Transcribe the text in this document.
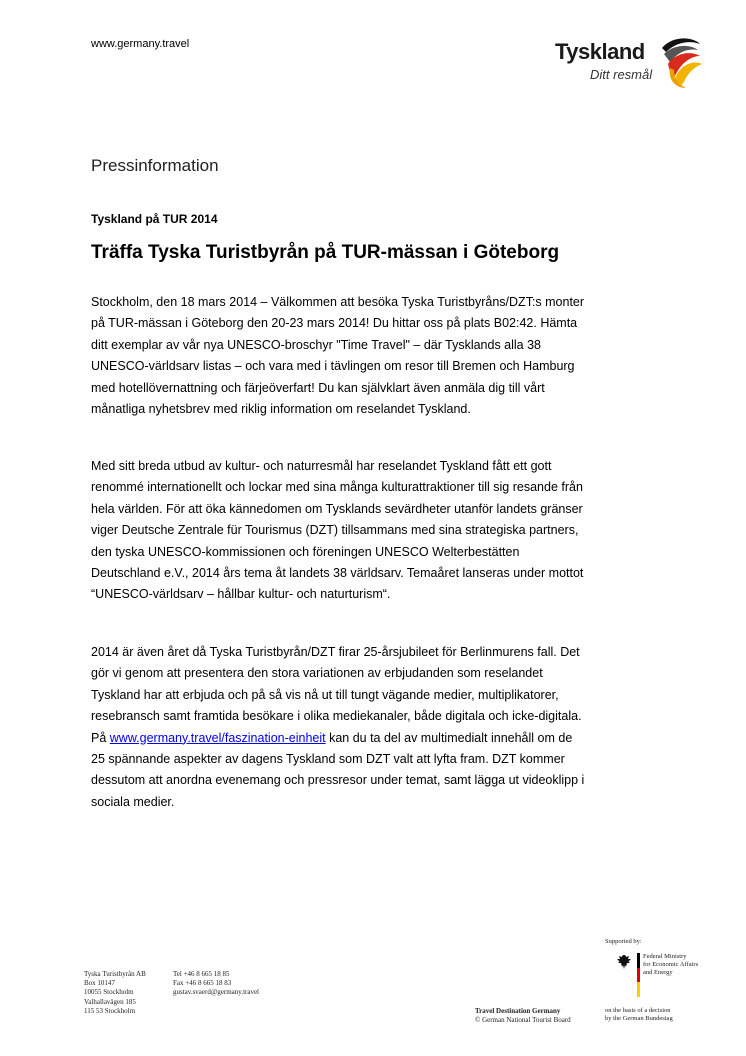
www.germany.travel	Tyskland
Ditt resmål
Pressinformation
Tyskland på TUR 2014
Träffa Tyska Turistbyrån på TUR-mässan i Göteborg

Stockholm, den 18 mars 2014 – Välkommen att besöka Tyska Turistbyråns/DZT:s monter
på TUR-mässan i Göteborg den 20-23 mars 2014! Du hittar oss på plats B02:42. Hämta
ditt exemplar av vår nya UNESCO-broschyr "Time Travel" – där Tysklands alla 38
UNESCO-världsarv listas – och vara med i tävlingen om resor till Bremen och Hamburg
med hotellövernattning och färjeöverfart! Du kan självklart även anmäla dig till vårt
månatliga nyhetsbrev med riklig information om reselandet Tyskland.

Med sitt breda utbud av kultur- och naturresmål har reselandet Tyskland fått ett gott
renommé internationellt och lockar med sina många kulturattraktioner till sig resande från
hela världen. För att öka kännedomen om Tysklands sevärdheter utanför landets gränser
viger Deutsche Zentrale für Tourismus (DZT) tillsammans med sina strategiska partners,
den tyska UNESCO-kommissionen och föreningen UNESCO Welterbestätten
Deutschland e.V., 2014 års tema åt landets 38 världsarv. Temaåret lanseras under mottot
“UNESCO-världsarv – hållbar kultur- och naturturism“.

2014 är även året då Tyska Turistbyrån/DZT firar 25-årsjubileet för Berlinmurens fall. Det
gör vi genom att presentera den stora variationen av erbjudanden som reselandet
Tyskland har att erbjuda och på så vis nå ut till tungt vägande medier, multiplikatorer,
resebransch samt framtida besökare i olika mediekanaler, både digitala och icke-digitala.
På www.germany.travel/faszination-einheit kan du ta del av multimedialt innehåll om de
25 spännande aspekter av dagens Tyskland som DZT valt att lyfta fram. DZT kommer
dessutom att anordna evenemang och pressresor under temat, samt lägga ut videoklipp i
sociala medier.

Tyska Turistbyrån AB
Box 10147
10055 Stockholm
Valhallavägen 185
115 53 Stockholm
Tel +46 8 665 18 85
Fax +46 8 665 18 83
gustav.svaerd@germany.travel
Travel Destination Germany
© German National Tourist Board
Supported by:
Federal Ministry
for Economic Affairs
and Energy
on the basis of a decision
by the German Bundestag
